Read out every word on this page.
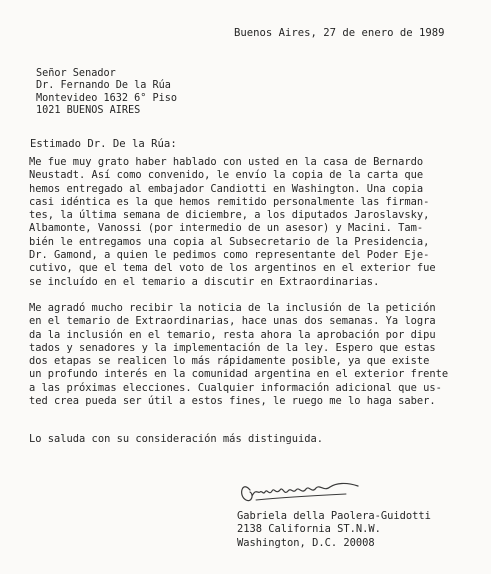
Buenos Aires, 27 de enero de 1989
Señor Senador
Dr. Fernando De la Rúa
Montevideo 1632 6° Piso
1021 BUENOS AIRES
Estimado Dr. De la Rúa:
Me fue muy grato haber hablado con usted en la casa de Bernardo
Neustadt. Así como convenido, le envío la copia de la carta que
hemos entregado al embajador Candiotti en Washington. Una copia
casi idéntica es la que hemos remitido personalmente las firman-
tes, la última semana de diciembre, a los diputados Jaroslavsky,
Albamonte, Vanossi (por intermedio de un asesor) y Macini. Tam-
bién le entregamos una copia al Subsecretario de la Presidencia,
Dr. Gamond, a quien le pedimos como representante del Poder Eje-
cutivo, que el tema del voto de los argentinos en el exterior fue
se incluído en el temario a discutir en Extraordinarias.
Me agradó mucho recibir la noticia de la inclusión de la petición
en el temario de Extraordinarias, hace unas dos semanas. Ya logra
da la inclusión en el temario, resta ahora la aprobación por dipu
tados y senadores y la implementación de la ley. Espero que estas
dos etapas se realicen lo más rápidamente posible, ya que existe
un profundo interés en la comunidad argentina en el exterior frente
a las próximas elecciones. Cualquier información adicional que us-
ted crea pueda ser útil a estos fines, le ruego me lo haga saber.
Lo saluda con su consideración más distinguida.
Gabriela della Paolera-Guidotti
2138 California ST.N.W.
Washington, D.C. 20008
